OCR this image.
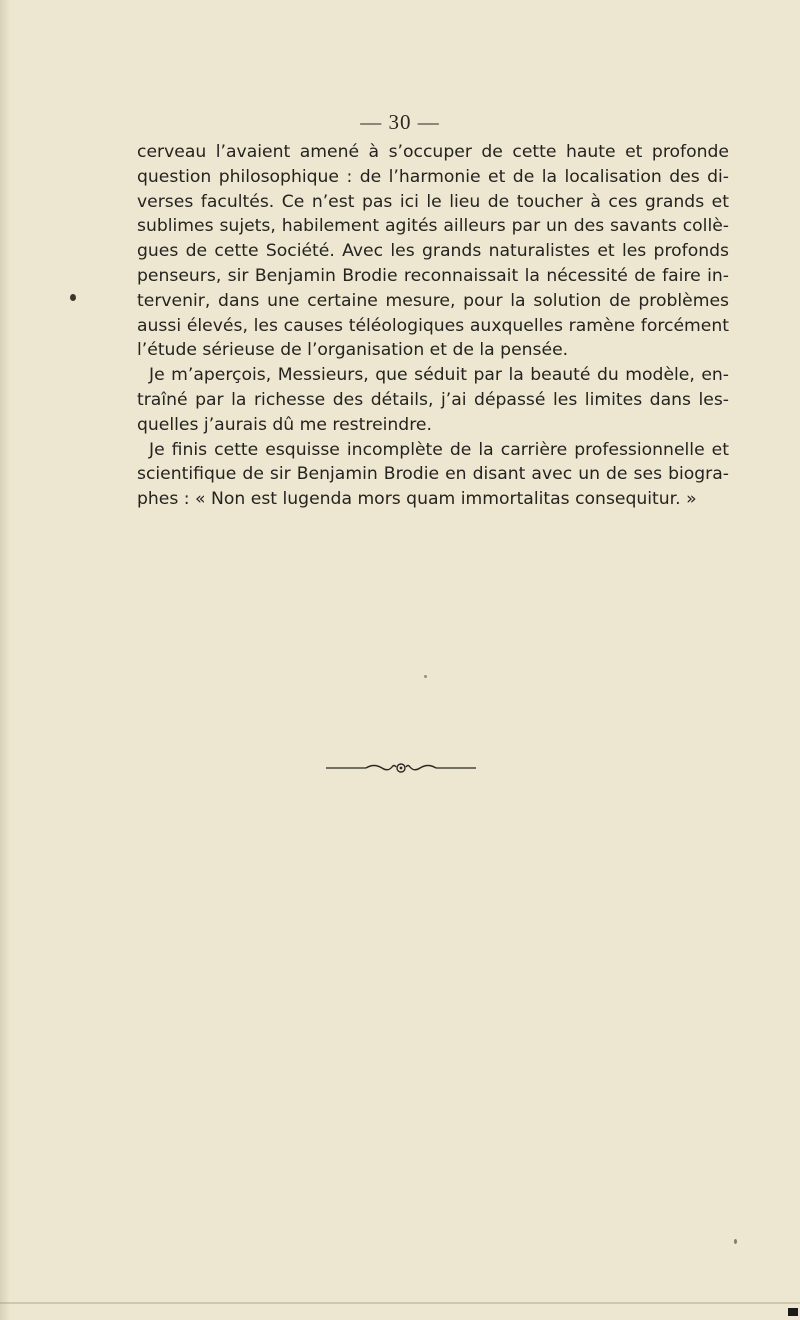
— 30 —

cerveau l’avaient amené à s’occuper de cette haute et profonde question philosophique : de l’harmonie et de la localisation des di- verses facultés. Ce n’est pas ici le lieu de toucher à ces grands et sublimes sujets, habilement agités ailleurs par un des savants collè- gues de cette Société. Avec les grands naturalistes et les profonds penseurs, sir Benjamin Brodie reconnaissait la nécessité de faire in- tervenir, dans une certaine mesure, pour la solution de problèmes aussi élevés, les causes téléologiques auxquelles ramène forcément l’étude sérieuse de l’organisation et de la pensée.

Je m’aperçois, Messieurs, que séduit par la beauté du modèle, en- traîné par la richesse des détails, j’ai dépassé les limites dans les- quelles j’aurais dû me restreindre.

Je finis cette esquisse incomplète de la carrière professionnelle et scientifique de sir Benjamin Brodie en disant avec un de ses biogra- phes : « Non est lugenda mors quam immortalitas consequitur. »
